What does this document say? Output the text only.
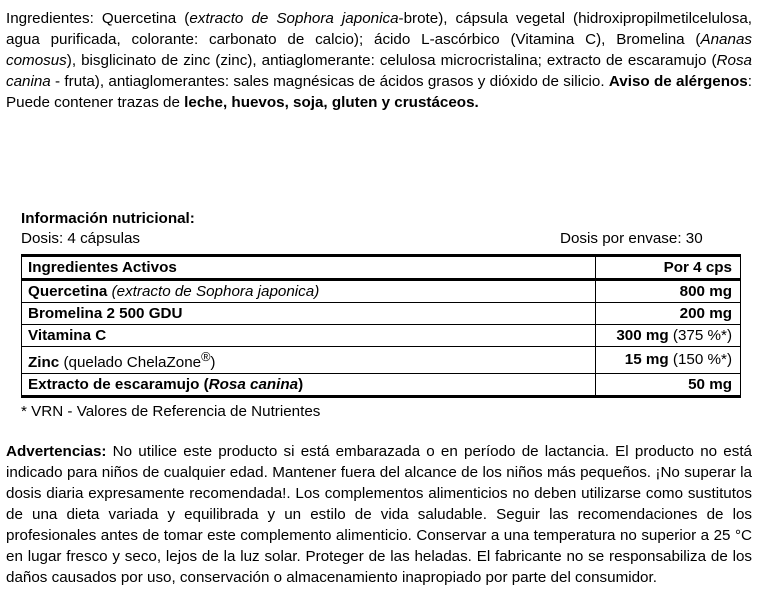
Ingredientes: Quercetina (extracto de Sophora japonica-brote), cápsula vegetal (hidroxipropilmetilcelulosa, agua purificada, colorante: carbonato de calcio); ácido L-ascórbico (Vitamina C), Bromelina (Ananas comosus), bisglicinato de zinc (zinc), antiaglomerante: celulosa microcristalina; extracto de escaramujo (Rosa canina - fruta), antiaglomerantes: sales magnésicas de ácidos grasos y dióxido de silicio. Aviso de alérgenos: Puede contener trazas de leche, huevos, soja, gluten y crustáceos.

Información nutricional:
Dosis: 4 cápsulas	Dosis por envase: 30
Ingredientes Activos	Por 4 cps
Quercetina (extracto de Sophora japonica)	800 mg
Bromelina 2 500 GDU	200 mg
Vitamina C	300 mg (375 %*)
Zinc (quelado ChelaZone®)	15 mg (150 %*)
Extracto de escaramujo (Rosa canina)	50 mg
* VRN - Valores de Referencia de Nutrientes

Advertencias: No utilice este producto si está embarazada o en período de lactancia. El producto no está indicado para niños de cualquier edad. Mantener fuera del alcance de los niños más pequeños. ¡No superar la dosis diaria expresamente recomendada!. Los complementos alimenticios no deben utilizarse como sustitutos de una dieta variada y equilibrada y un estilo de vida saludable. Seguir las recomendaciones de los profesionales antes de tomar este complemento alimenticio. Conservar a una temperatura no superior a 25 °C en lugar fresco y seco, lejos de la luz solar. Proteger de las heladas. El fabricante no se responsabiliza de los daños causados por uso, conservación o almacenamiento inapropiado por parte del consumidor.
